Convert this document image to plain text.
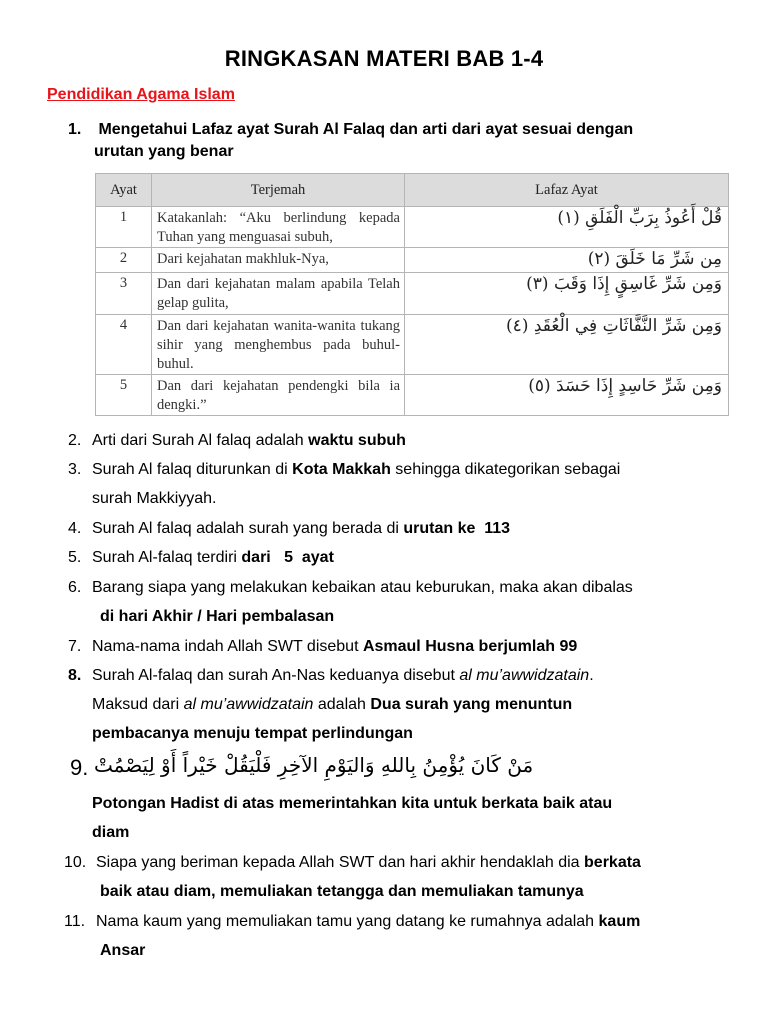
RINGKASAN MATERI BAB 1-4
Pendidikan Agama Islam
1.	Mengetahui Lafaz ayat Surah Al Falaq dan arti dari ayat sesuai dengan
urutan yang benar
Ayat	Terjemah	Lafaz Ayat
1	Katakanlah: “Aku berlindung kepada Tuhan yang menguasai subuh,	قُلْ أَعُوذُ بِرَبِّ الْفَلَقِ (١)
2	Dari kejahatan makhluk-Nya,	مِن شَرِّ مَا خَلَقَ (٢)
3	Dan dari kejahatan malam apabila Telah gelap gulita,	وَمِن شَرِّ غَاسِقٍ إِذَا وَقَبَ (٣)
4	Dan dari kejahatan wanita-wanita tukang sihir yang menghembus pada buhul-buhul.	وَمِن شَرِّ النَّفَّاثَاتِ فِي الْعُقَدِ (٤)
5	Dan dari kejahatan pendengki bila ia dengki.”	وَمِن شَرِّ حَاسِدٍ إِذَا حَسَدَ (٥)
2. Arti dari Surah Al falaq adalah waktu subuh
3. Surah Al falaq diturunkan di Kota Makkah sehingga dikategorikan sebagai
surah Makkiyyah.
4. Surah Al falaq adalah surah yang berada di urutan ke  113
5. Surah Al-falaq terdiri dari   5  ayat
6. Barang siapa yang melakukan kebaikan atau keburukan, maka akan dibalas
di hari Akhir / Hari pembalasan
7. Nama-nama indah Allah SWT disebut Asmaul Husna berjumlah 99
8. Surah Al-falaq dan surah An-Nas keduanya disebut al mu’awwidzatain.
Maksud dari al mu’awwidzatain adalah Dua surah yang menuntun
pembacanya menuju tempat perlindungan
Potongan Hadist di atas memerintahkan kita untuk berkata baik atau
diam
10. Siapa yang beriman kepada Allah SWT dan hari akhir hendaklah dia berkata
baik atau diam, memuliakan tetangga dan memuliakan tamunya
11. Nama kaum yang memuliakan tamu yang datang ke rumahnya adalah kaum
Ansar
9. مَنْ كَانَ يُؤْمِنُ بِاللهِ وَاليَوْمِ الآخِرِ فَلْيَقُلْ خَيْراً أَوْ لِيَصْمُتْ
